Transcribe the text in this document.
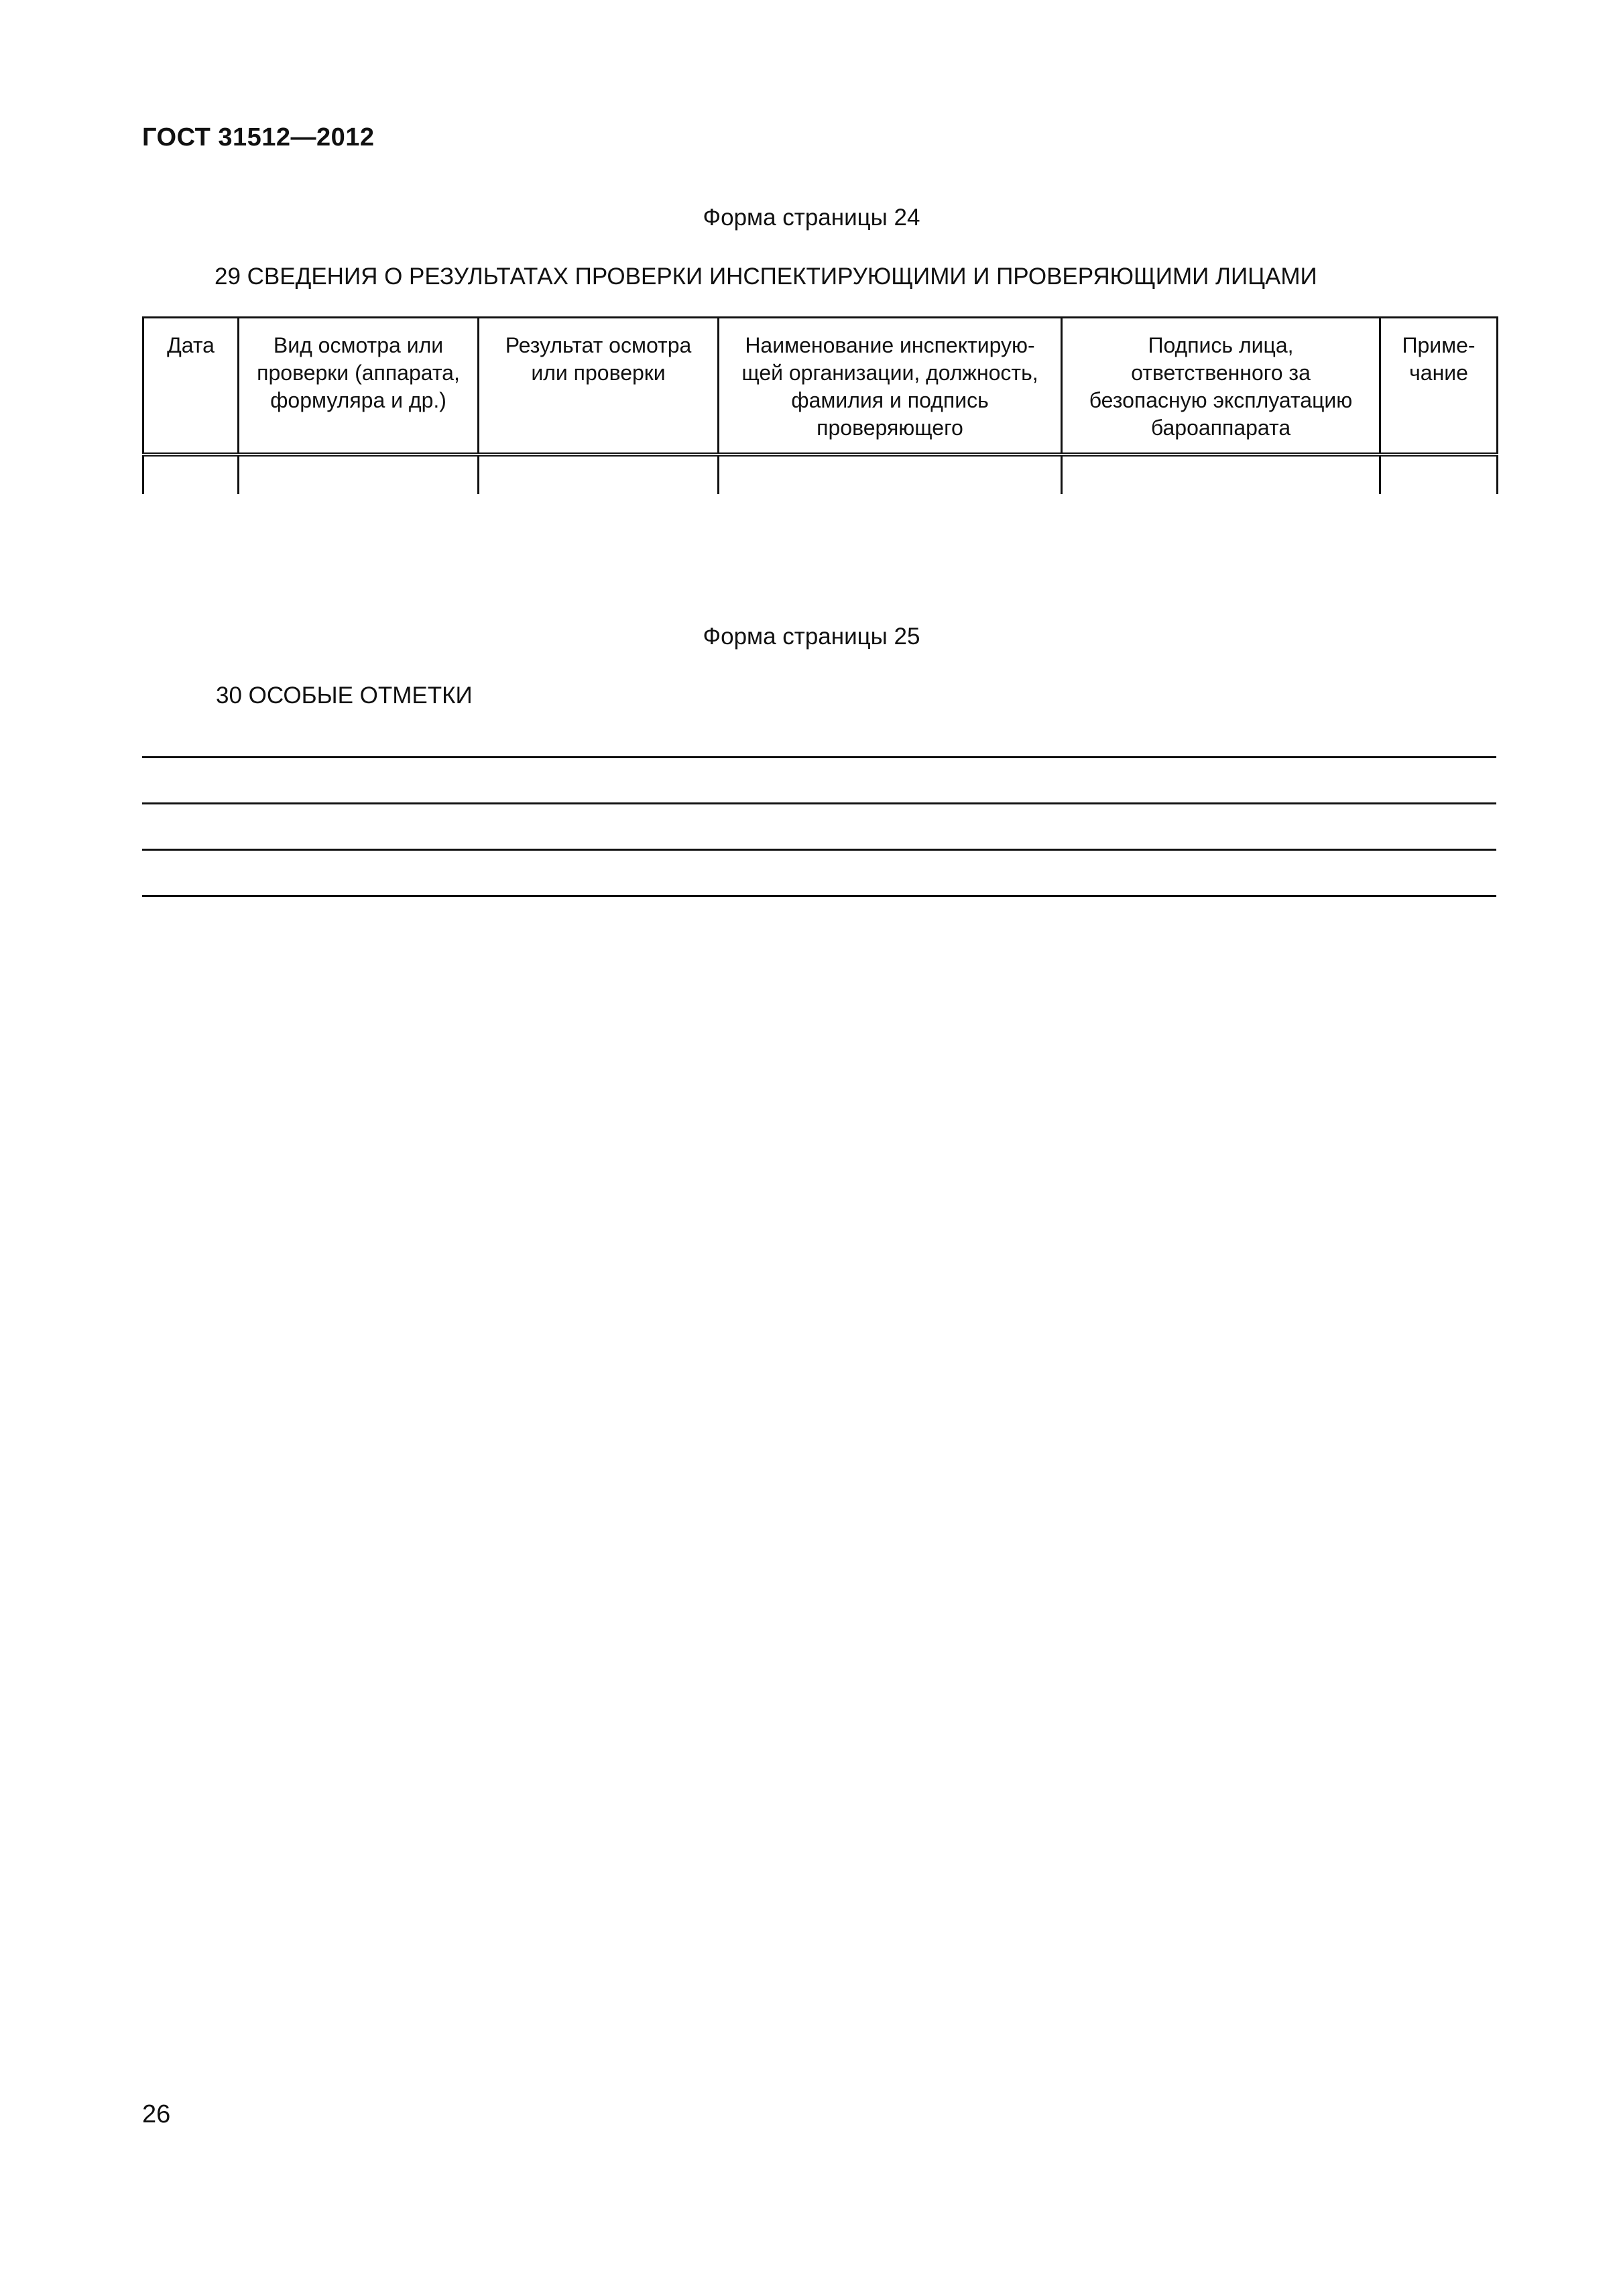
ГОСТ 31512—2012
Форма страницы 24
29 СВЕДЕНИЯ О РЕЗУЛЬТАТАХ ПРОВЕРКИ ИНСПЕКТИРУЮЩИМИ И ПРОВЕРЯЮЩИМИ ЛИЦАМИ
Дата	Вид осмотра или проверки (аппарата, формуляра и др.)	Результат осмотра или проверки	Наименование инспектирую-щей организации, должность, фамилия и подпись проверяющего	Подпись лица, ответственного за безопасную эксплуатацию бароаппарата	Приме-чание

Форма страницы 25
30 ОСОБЫЕ ОТМЕТКИ
26
